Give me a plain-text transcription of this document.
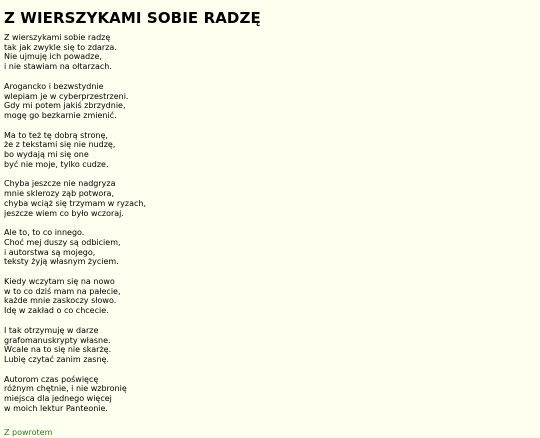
Z WIERSZYKAMI SOBIE RADZĘ
Z wierszykami sobie radzę
tak jak zwykle się to zdarza.
Nie ujmuję ich powadze,
i nie stawiam na ołtarzach.
Arogancko i bezwstydnie
wlepiam je w cyberprzestrzeni.
Gdy mi potem jakiś zbrzydnie,
mogę go bezkarnie zmienić.
Ma to też tę dobrą stronę,
że z tekstami się nie nudzę,
bo wydają mi się one
być nie moje, tylko cudze.
Chyba jeszcze nie nadgryza
mnie sklerozy ząb potwora,
chyba wciąż się trzymam w ryzach,
jeszcze wiem co było wczoraj.
Ale to, to co innego.
Choć mej duszy są odbiciem,
i autorstwa są mojego,
teksty żyją własnym życiem.
Kiedy wczytam się na nowo
w to co dziś mam na pałecie,
każde mnie zaskoczy słowo.
Idę w zakład o co chcecie.
I tak otrzymuję w darze
grafomanuskrypty własne.
Wcale na to się nie skarżę.
Lubię czytać zanim zasnę.
Autorom czas poświęcę
różnym chętnie, i nie wzbronię
miejsca dla jednego więcej
w moich lektur Panteonie.
Z powrotem
